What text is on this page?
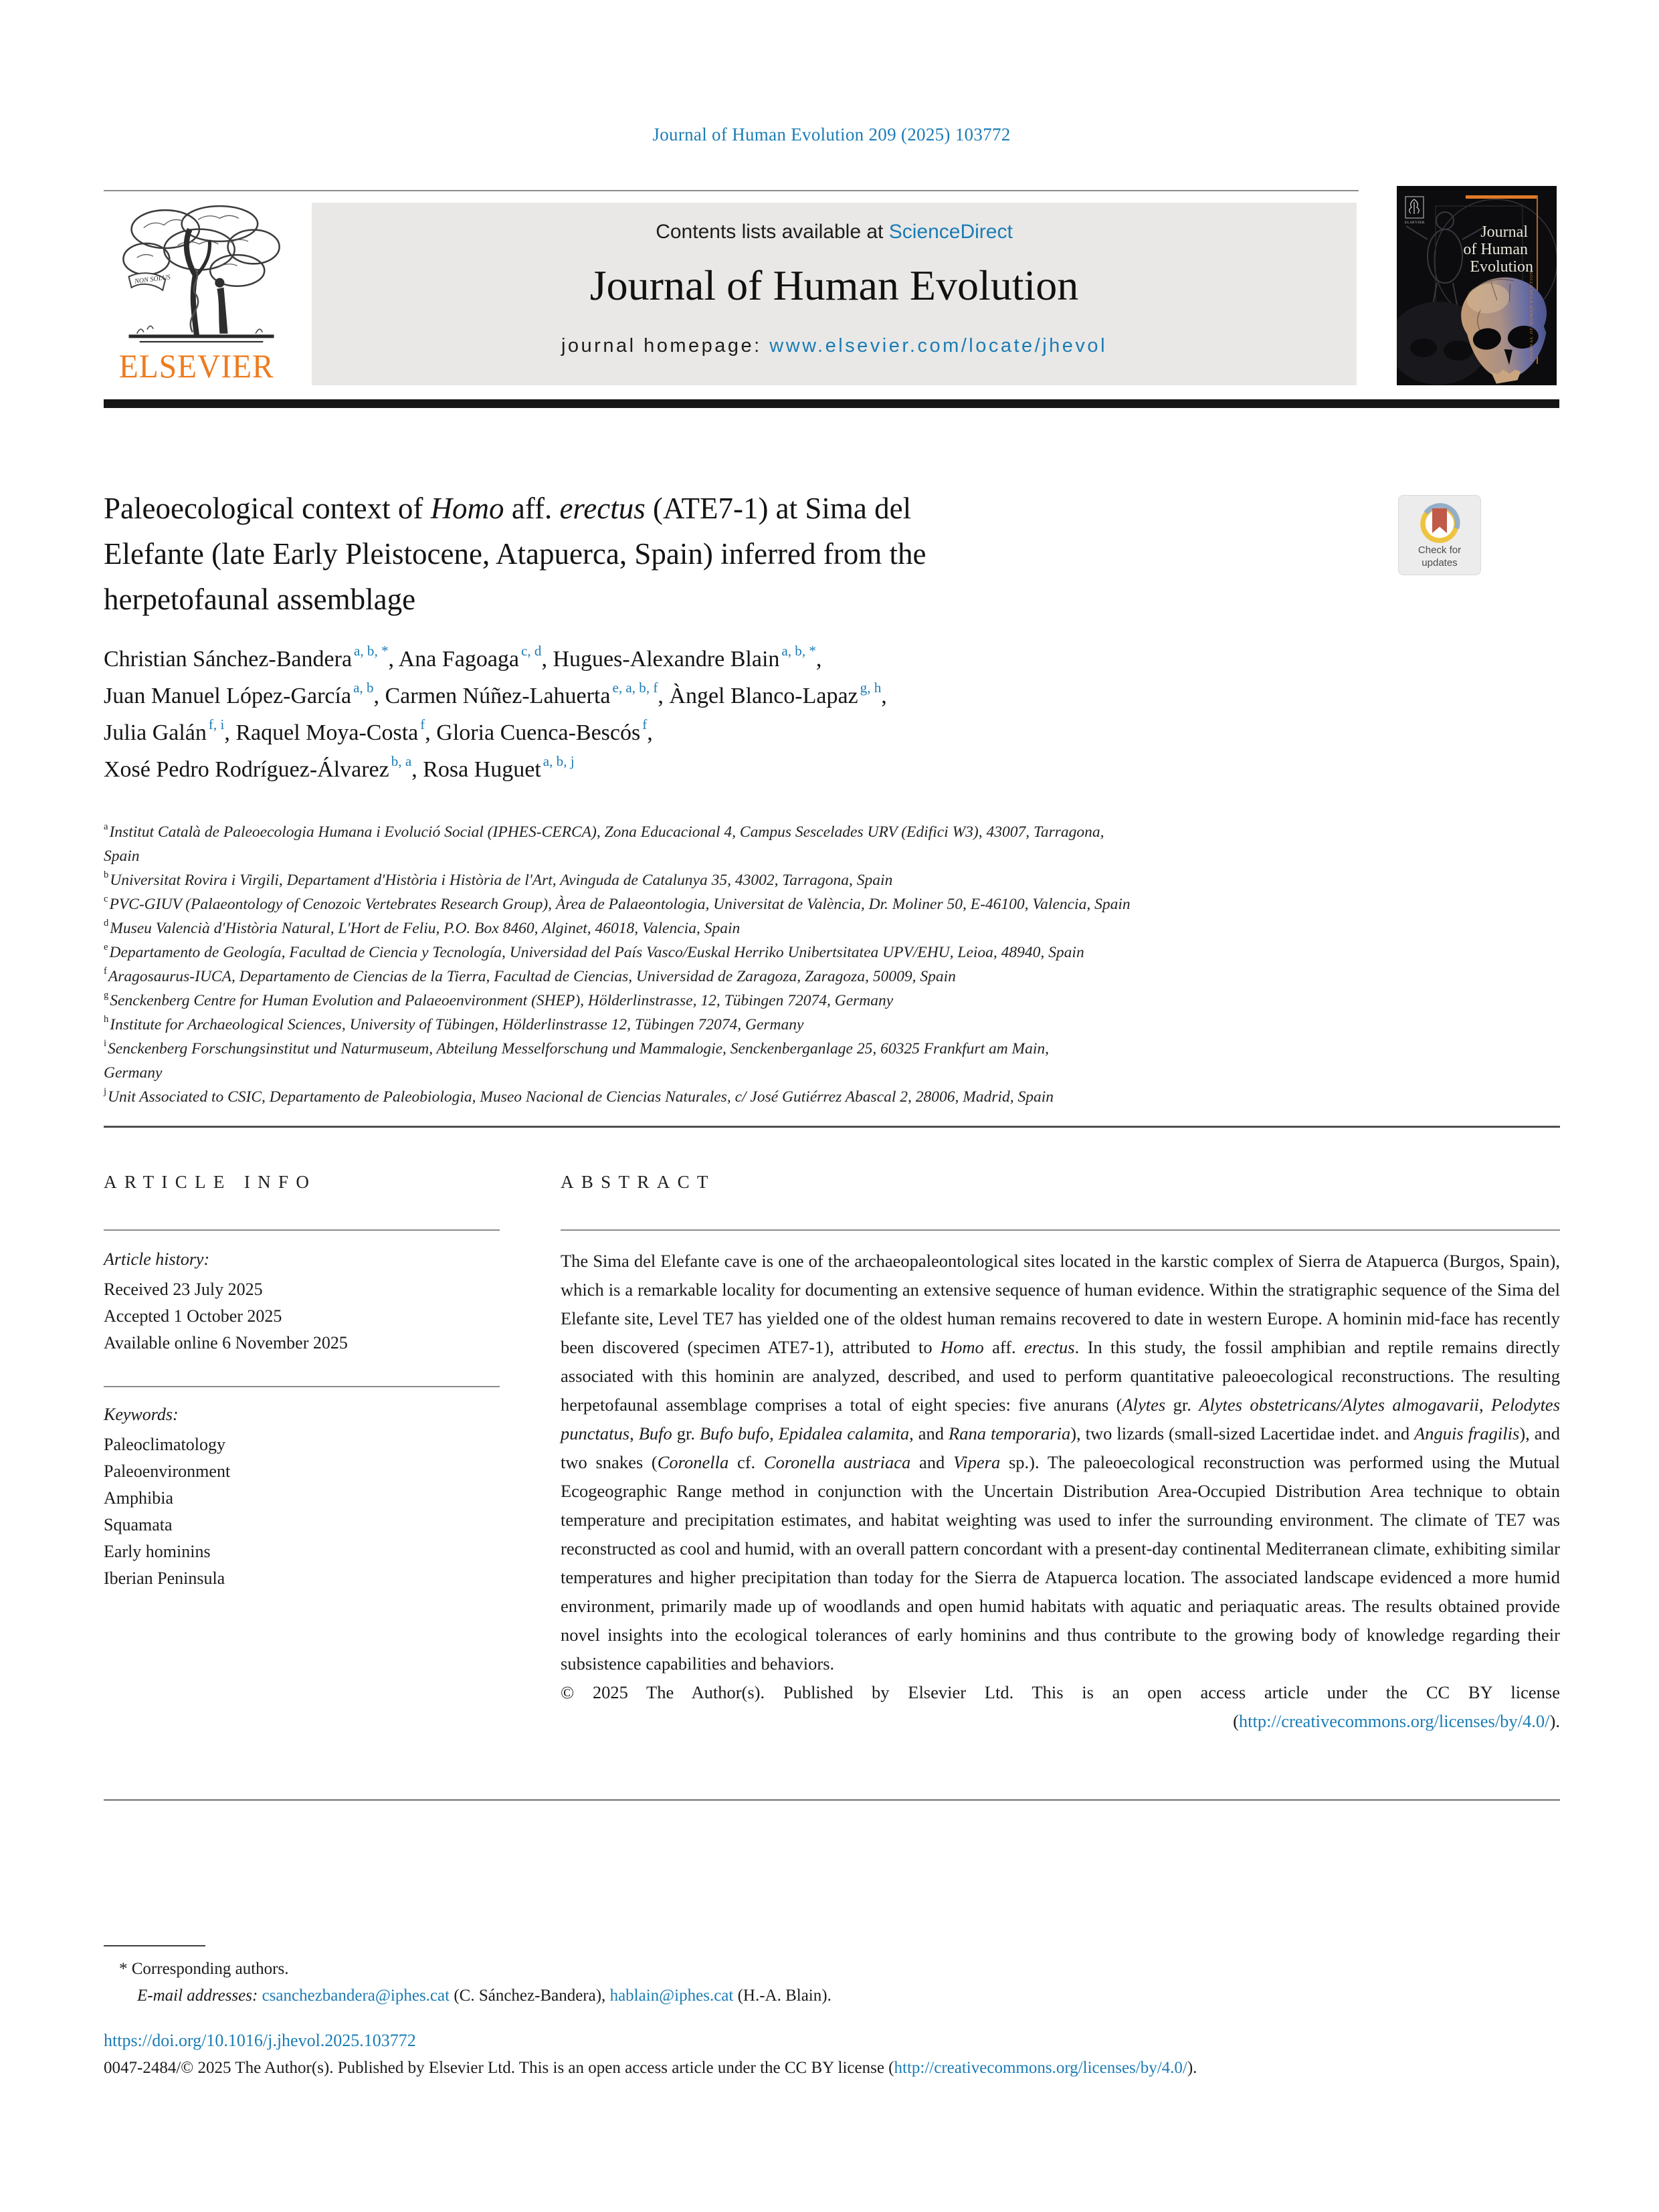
Journal of Human Evolution 209 (2025) 103772
NON SOLUS
ELSEVIER
Contents lists available at ScienceDirect
Journal of Human Evolution
journal homepage: www.elsevier.com/locate/jhevol
ELSEVIER
Journal
of Human
Evolution
JOURNAL OF HUMAN EVOLUTION
Paleoecological context of Homo aff. erectus (ATE7-1) at Sima del
Elefante (late Early Pleistocene, Atapuerca, Spain) inferred from the
herpetofaunal assemblage
Check for
updates
Christian Sánchez-Bandera $^{a, b, *}$, Ana Fagoaga $^{c, d}$, Hugues-Alexandre Blain $^{a, b, *}$,
Juan Manuel López-García $^{a, b}$, Carmen Núñez-Lahuerta $^{e, a, b, f}$, Àngel Blanco-Lapaz $^{g, h}$,
Julia Galán $^{f, i}$, Raquel Moya-Costa $^f$, Gloria Cuenca-Bescós $^f$,
Xosé Pedro Rodríguez-Álvarez $^{b, a}$, Rosa Huguet $^{a, b, j}$
$^a$Institut Català de Paleoecologia Humana i Evolució Social (IPHES-CERCA), Zona Educacional 4, Campus Sescelades URV (Edifici W3), 43007, Tarragona,
Spain
$^b$Universitat Rovira i Virgili, Departament d'Història i Història de l'Art, Avinguda de Catalunya 35, 43002, Tarragona, Spain
$^c$PVC-GIUV (Palaeontology of Cenozoic Vertebrates Research Group), Àrea de Palaeontologia, Universitat de València, Dr. Moliner 50, E-46100, Valencia, Spain
$^d$Museu Valencià d'Història Natural, L'Hort de Feliu, P.O. Box 8460, Alginet, 46018, Valencia, Spain
$^e$Departamento de Geología, Facultad de Ciencia y Tecnología, Universidad del País Vasco/Euskal Herriko Unibertsitatea UPV/EHU, Leioa, 48940, Spain
$^f$Aragosaurus-IUCA, Departamento de Ciencias de la Tierra, Facultad de Ciencias, Universidad de Zaragoza, Zaragoza, 50009, Spain
$^g$Senckenberg Centre for Human Evolution and Palaeoenvironment (SHEP), Hölderlinstrasse, 12, Tübingen 72074, Germany
$^h$Institute for Archaeological Sciences, University of Tübingen, Hölderlinstrasse 12, Tübingen 72074, Germany
$^i$Senckenberg Forschungsinstitut und Naturmuseum, Abteilung Messelforschung und Mammalogie, Senckenberganlage 25, 60325 Frankfurt am Main,
Germany
$^j$Unit Associated to CSIC, Departamento de Paleobiologia, Museo Nacional de Ciencias Naturales, c/ José Gutiérrez Abascal 2, 28006, Madrid, Spain
ARTICLE INFO
Article history:
Received 23 July 2025
Accepted 1 October 2025
Available online 6 November 2025
Keywords:
Paleoclimatology
Paleoenvironment
Amphibia
Squamata
Early hominins
Iberian Peninsula
ABSTRACT
The Sima del Elefante cave is one of the archaeopaleontological sites located in the karstic complex of Sierra de Atapuerca (Burgos, Spain), which is a remarkable locality for documenting an extensive sequence of human evidence. Within the stratigraphic sequence of the Sima del Elefante site, Level TE7 has yielded one of the oldest human remains recovered to date in western Europe. A hominin mid-face has recently been discovered (specimen ATE7-1), attributed to Homo aff. erectus. In this study, the fossil amphibian and reptile remains directly associated with this hominin are analyzed, described, and used to perform quantitative paleoecological reconstructions. The resulting herpetofaunal assemblage comprises a total of eight species: five anurans (Alytes gr. Alytes obstetricans/Alytes almogavarii, Pelodytes punctatus, Bufo gr. Bufo bufo, Epidalea calamita, and Rana temporaria), two lizards (small-sized Lacertidae indet. and Anguis fragilis), and two snakes (Coronella cf. Coronella austriaca and Vipera sp.). The paleoecological reconstruction was performed using the Mutual Ecogeographic Range method in conjunction with the Uncertain Distribution Area-Occupied Distribution Area technique to obtain temperature and precipitation estimates, and habitat weighting was used to infer the surrounding environment. The climate of TE7 was reconstructed as cool and humid, with an overall pattern concordant with a present-day continental Mediterranean climate, exhibiting similar temperatures and higher precipitation than today for the Sierra de Atapuerca location. The associated landscape evidenced a more humid environment, primarily made up of woodlands and open humid habitats with aquatic and periaquatic areas. The results obtained provide novel insights into the ecological tolerances of early hominins and thus contribute to the growing body of knowledge regarding their subsistence capabilities and behaviors.
© 2025 The Author(s). Published by Elsevier Ltd. This is an open access article under the CC BY license
(http://creativecommons.org/licenses/by/4.0/).
* Corresponding authors.
E-mail addresses: csanchezbandera@iphes.cat (C. Sánchez-Bandera), hablain@iphes.cat (H.-A. Blain).
https://doi.org/10.1016/j.jhevol.2025.103772
0047-2484/© 2025 The Author(s). Published by Elsevier Ltd. This is an open access article under the CC BY license (http://creativecommons.org/licenses/by/4.0/).
